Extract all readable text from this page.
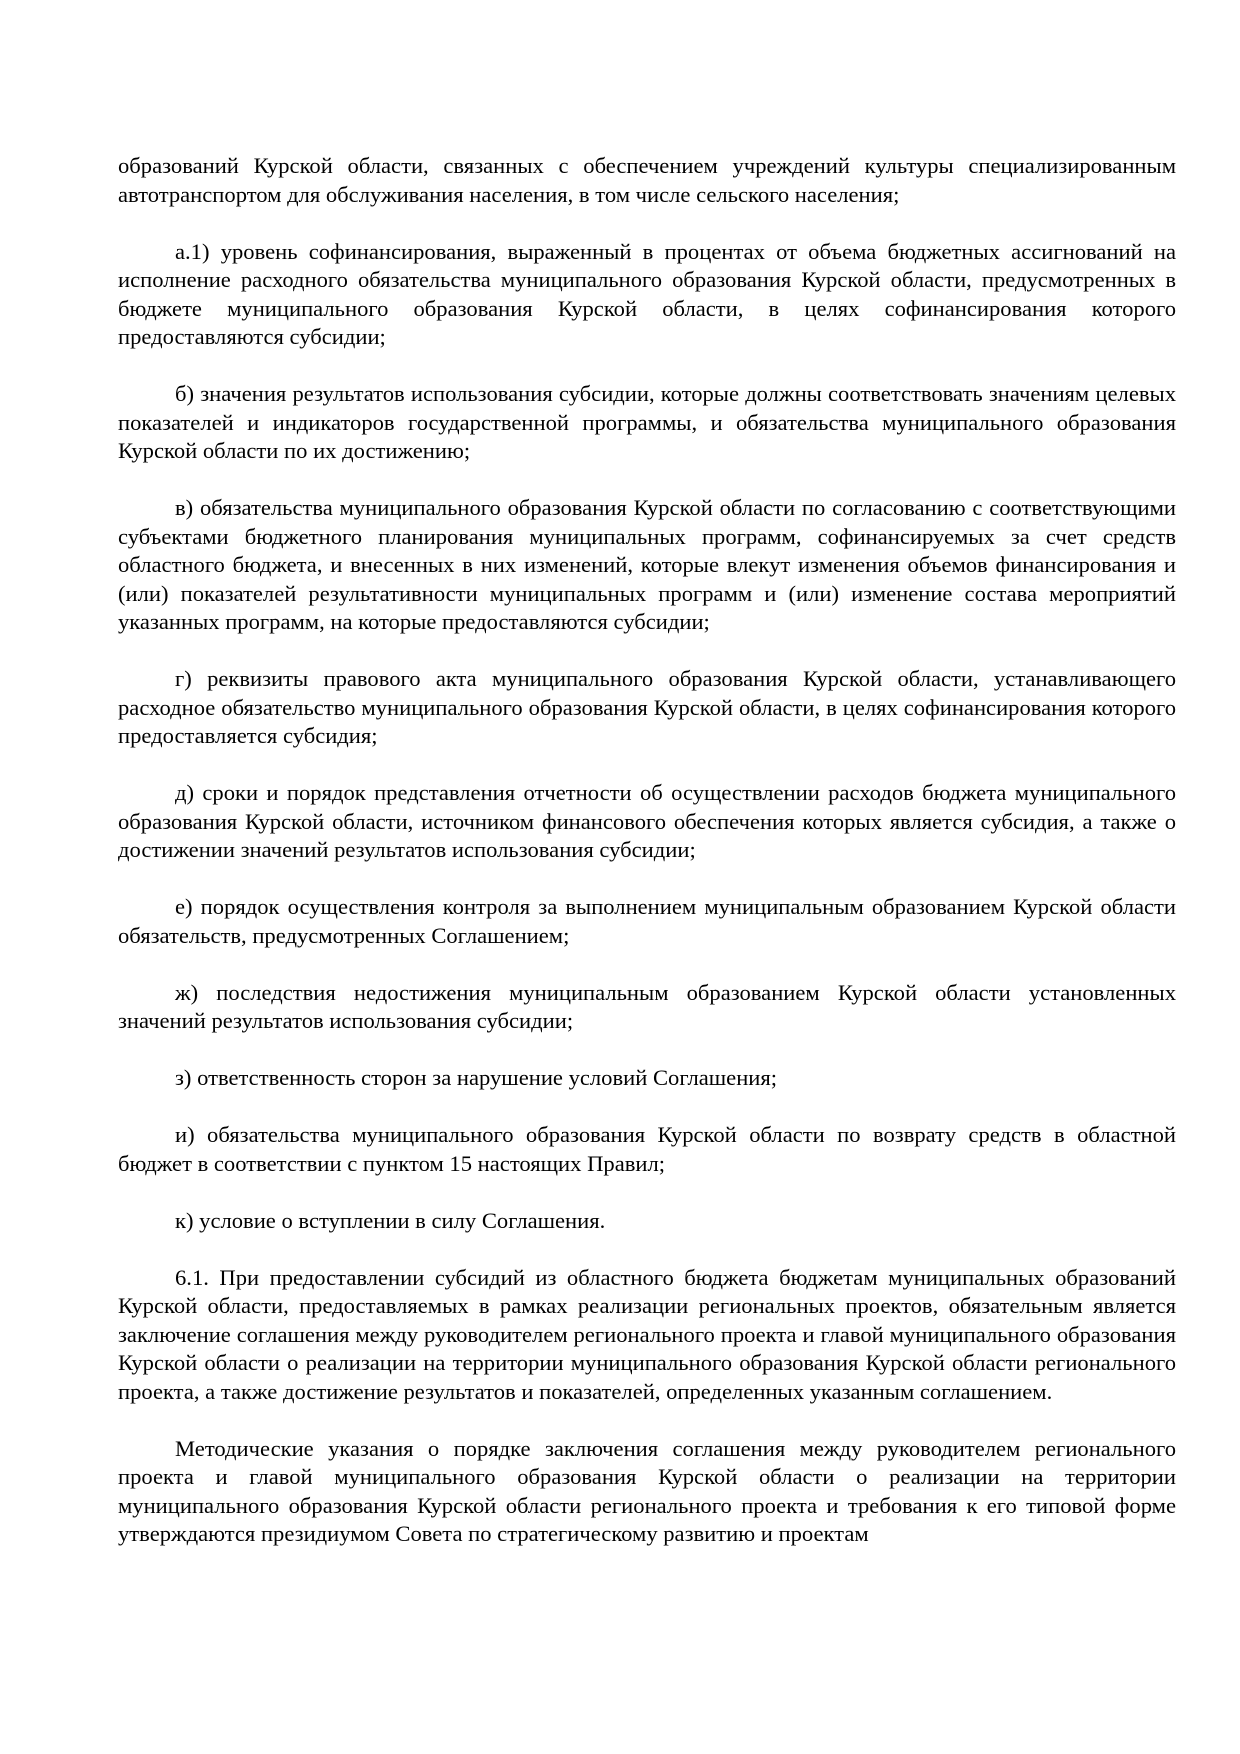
образований Курской области, связанных с обеспечением учреждений культуры специализированным автотранспортом для обслуживания населения, в том числе сельского населения;

а.1) уровень софинансирования, выраженный в процентах от объема бюджетных ассигнований на исполнение расходного обязательства муниципального образования Курской области, предусмотренных в бюджете муниципального образования Курской области, в целях софинансирования которого предоставляются субсидии;

б) значения результатов использования субсидии, которые должны соответствовать значениям целевых показателей и индикаторов государственной программы, и обязательства муниципального образования Курской области по их достижению;

в) обязательства муниципального образования Курской области по согласованию с соответствующими субъектами бюджетного планирования муниципальных программ, софинансируемых за счет средств областного бюджета, и внесенных в них изменений, которые влекут изменения объемов финансирования и (или) показателей результативности муниципальных программ и (или) изменение состава мероприятий указанных программ, на которые предоставляются субсидии;

г) реквизиты правового акта муниципального образования Курской области, устанавливающего расходное обязательство муниципального образования Курской области, в целях софинансирования которого предоставляется субсидия;

д) сроки и порядок представления отчетности об осуществлении расходов бюджета муниципального образования Курской области, источником финансового обеспечения которых является субсидия, а также о достижении значений результатов использования субсидии;

е) порядок осуществления контроля за выполнением муниципальным образованием Курской области обязательств, предусмотренных Соглашением;

ж) последствия недостижения муниципальным образованием Курской области установленных значений результатов использования субсидии;

з) ответственность сторон за нарушение условий Соглашения;

и) обязательства муниципального образования Курской области по возврату средств в областной бюджет в соответствии с пунктом 15 настоящих Правил;

к) условие о вступлении в силу Соглашения.

6.1. При предоставлении субсидий из областного бюджета бюджетам муниципальных образований Курской области, предоставляемых в рамках реализации региональных проектов, обязательным является заключение соглашения между руководителем регионального проекта и главой муниципального образования Курской области о реализации на территории муниципального образования Курской области регионального проекта, а также достижение результатов и показателей, определенных указанным соглашением.

Методические указания о порядке заключения соглашения между руководителем регионального проекта и главой муниципального образования Курской области о реализации на территории муниципального образования Курской области регионального проекта и требования к его типовой форме утверждаются президиумом Совета по стратегическому развитию и проектам
